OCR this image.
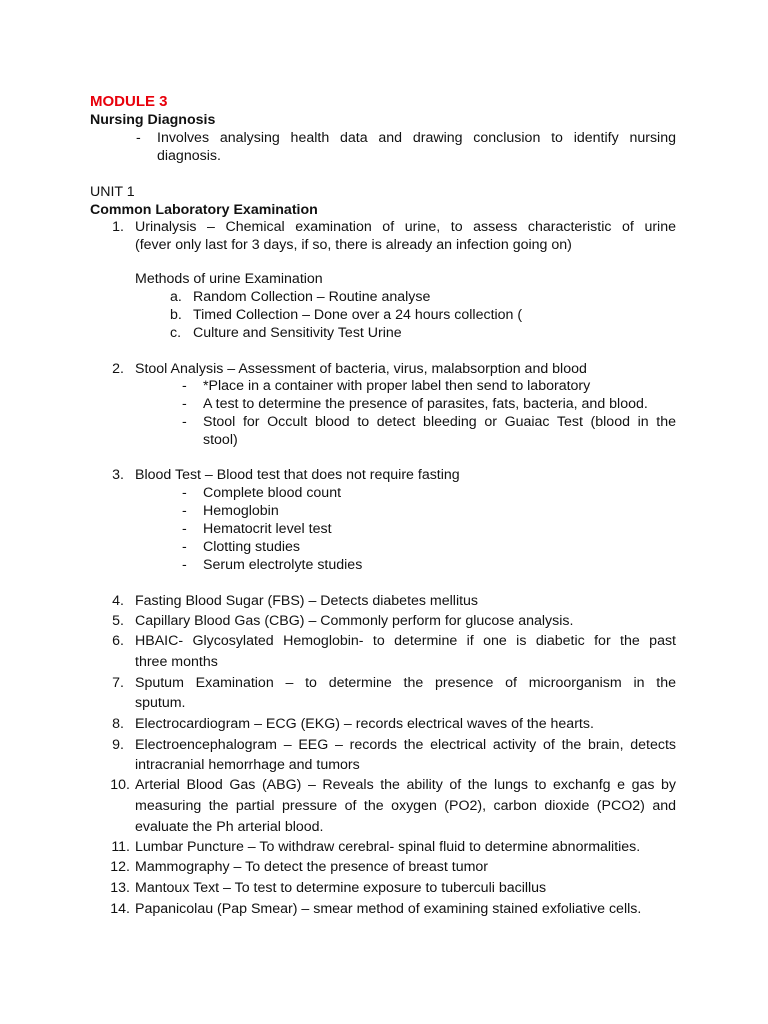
MODULE 3
Nursing Diagnosis
- Involves analysing health data and drawing conclusion to identify nursing
diagnosis.
UNIT 1
Common Laboratory Examination
1. Urinalysis – Chemical examination of urine, to assess characteristic of urine
(fever only last for 3 days, if so, there is already an infection going on)
Methods of urine Examination
a. Random Collection – Routine analyse
b. Timed Collection – Done over a 24 hours collection (
c. Culture and Sensitivity Test Urine
2. Stool Analysis – Assessment of bacteria, virus, malabsorption and blood
- *Place in a container with proper label then send to laboratory
- A test to determine the presence of parasites, fats, bacteria, and blood.
- Stool for Occult blood to detect bleeding or Guaiac Test (blood in the
stool)
3. Blood Test – Blood test that does not require fasting
- Complete blood count
- Hemoglobin
- Hematocrit level test
- Clotting studies
- Serum electrolyte studies
4. Fasting Blood Sugar (FBS) – Detects diabetes mellitus
5. Capillary Blood Gas (CBG) – Commonly perform for glucose analysis.
6. HBAIC- Glycosylated Hemoglobin- to determine if one is diabetic for the past
three months
7. Sputum Examination – to determine the presence of microorganism in the
sputum.
8. Electrocardiogram – ECG (EKG) – records electrical waves of the hearts.
9. Electroencephalogram – EEG – records the electrical activity of the brain, detects
intracranial hemorrhage and tumors
10. Arterial Blood Gas (ABG) – Reveals the ability of the lungs to exchanfg e gas by
measuring the partial pressure of the oxygen (PO2), carbon dioxide (PCO2) and
evaluate the Ph arterial blood.
11. Lumbar Puncture – To withdraw cerebral- spinal fluid to determine abnormalities.
12. Mammography – To detect the presence of breast tumor
13. Mantoux Text – To test to determine exposure to tuberculi bacillus
14. Papanicolau (Pap Smear) – smear method of examining stained exfoliative cells.
